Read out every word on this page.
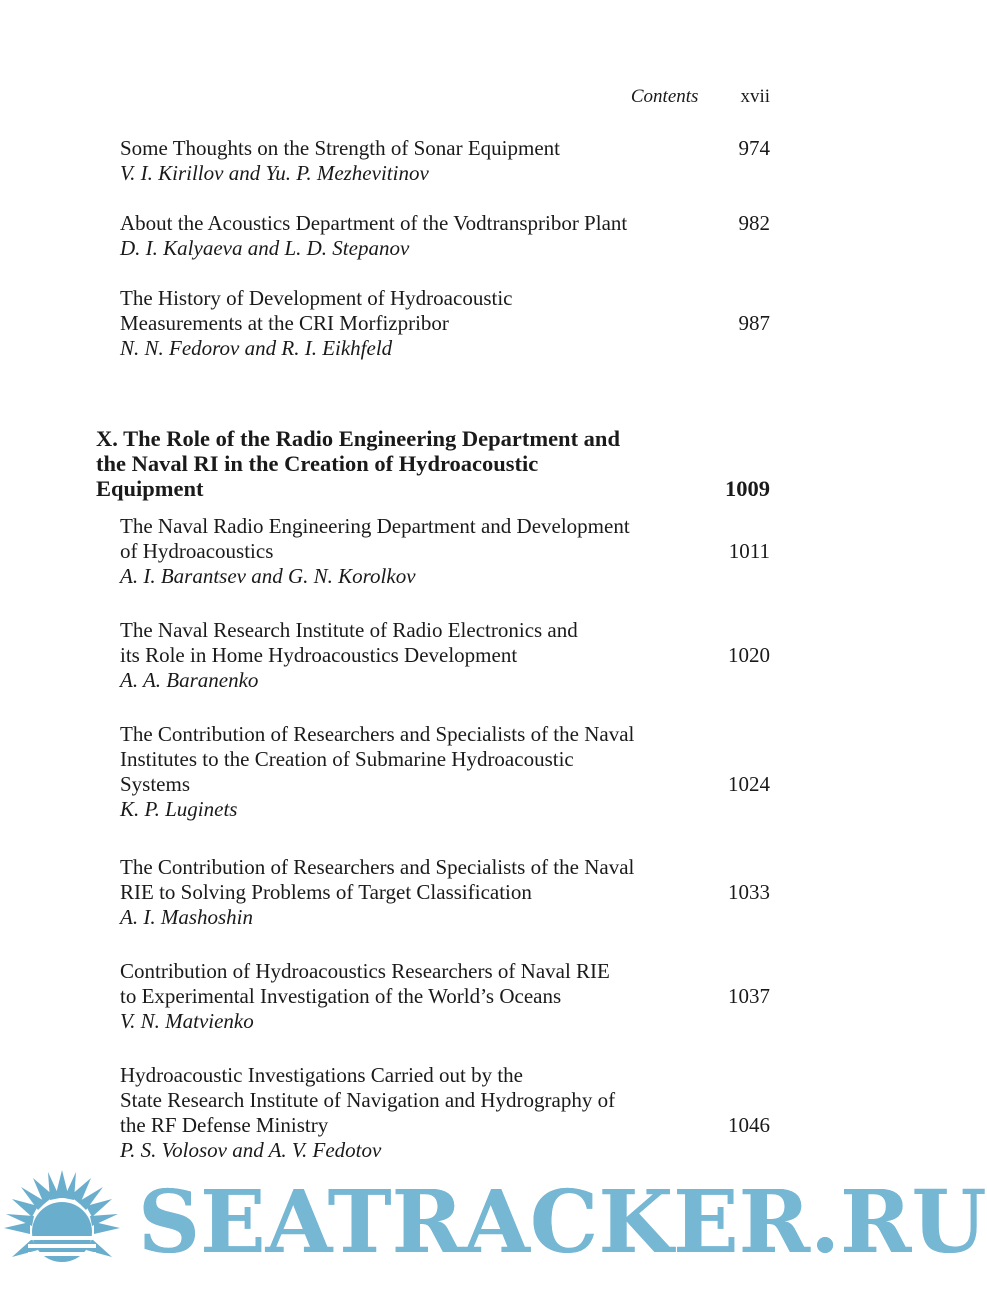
Contents xvii
Some Thoughts on the Strength of Sonar Equipment	974
V. I. Kirillov and Yu. P. Mezhevitinov
About the Acoustics Department of the Vodtranspribor Plant	982
D. I. Kalyaeva and L. D. Stepanov
The History of Development of Hydroacoustic
Measurements at the CRI Morfizpribor	987
N. N. Fedorov and R. I. Eikhfeld
X. The Role of the Radio Engineering Department and
the Naval RI in the Creation of Hydroacoustic
Equipment	1009
The Naval Radio Engineering Department and Development
of Hydroacoustics	1011
A. I. Barantsev and G. N. Korolkov
The Naval Research Institute of Radio Electronics and
its Role in Home Hydroacoustics Development	1020
A. A. Baranenko
The Contribution of Researchers and Specialists of the Naval
Institutes to the Creation of Submarine Hydroacoustic
Systems	1024
K. P. Luginets
The Contribution of Researchers and Specialists of the Naval
RIE to Solving Problems of Target Classification	1033
A. I. Mashoshin
Contribution of Hydroacoustics Researchers of Naval RIE
to Experimental Investigation of the World’s Oceans	1037
V. N. Matvienko
Hydroacoustic Investigations Carried out by the
State Research Institute of Navigation and Hydrography of
the RF Defense Ministry	1046
P. S. Volosov and A. V. Fedotov
SEATRACKER.RU
